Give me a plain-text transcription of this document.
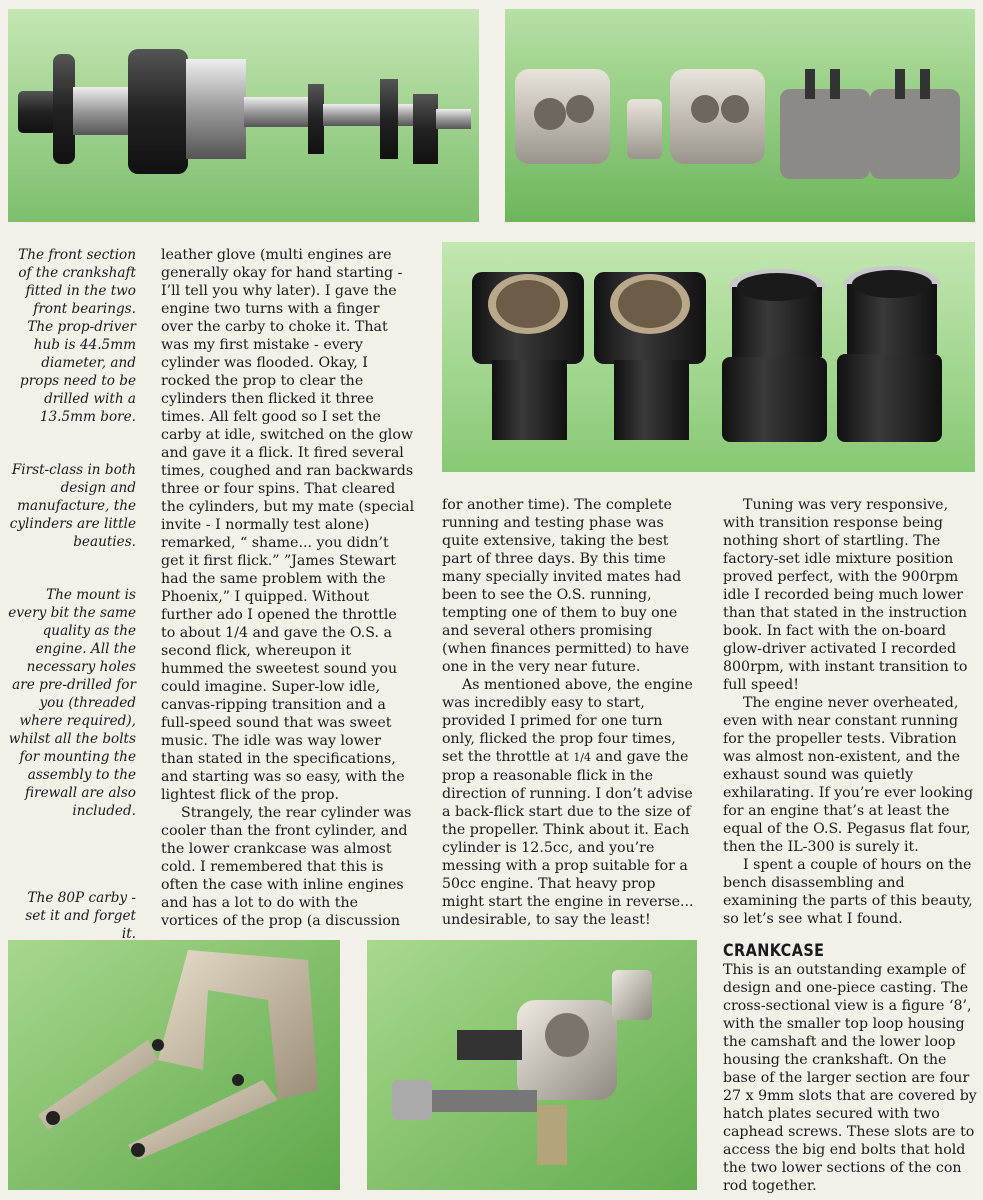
The front section of the crankshaft fitted in the two front bearings. The prop-driver hub is 44.5mm diameter, and props need to be drilled with a 13.5mm bore.
First-class in both design and manufacture, the cylinders are little beauties.
The mount is every bit the same quality as the engine. All the necessary holes are pre-drilled for you (threaded where required), whilst all the bolts for mounting the assembly to the firewall are also included.
The 80P carby - set it and forget it.

leather glove (multi engines are generally okay for hand starting - I’ll tell you why later). I gave the engine two turns with a finger over the carby to choke it. That was my first mistake - every cylinder was flooded. Okay, I rocked the prop to clear the cylinders then flicked it three times. All felt good so I set the carby at idle, switched on the glow and gave it a flick. It fired several times, coughed and ran backwards three or four spins. That cleared the cylinders, but my mate (special invite - I normally test alone) remarked, “ shame... you didn’t get it first flick.” ”James Stewart had the same problem with the Phoenix,” I quipped. Without further ado I opened the throttle to about 1/4 and gave the O.S. a second flick, whereupon it hummed the sweetest sound you could imagine. Super-low idle, canvas-ripping transition and a full-speed sound that was sweet music. The idle was way lower than stated in the specifications, and starting was so easy, with the lightest flick of the prop.

Strangely, the rear cylinder was cooler than the front cylinder, and the lower crankcase was almost cold. I remembered that this is often the case with inline engines and has a lot to do with the vortices of the prop (a discussion

for another time). The complete running and testing phase was quite extensive, taking the best part of three days. By this time many specially invited mates had been to see the O.S. running, tempting one of them to buy one and several others promising (when finances permitted) to have one in the very near future.

As mentioned above, the engine was incredibly easy to start, provided I primed for one turn only, flicked the prop four times, set the throttle at 1/4 and gave the prop a reasonable flick in the direction of running. I don’t advise a back-flick start due to the size of the propeller. Think about it. Each cylinder is 12.5cc, and you’re messing with a prop suitable for a 50cc engine. That heavy prop might start the engine in reverse... undesirable, to say the least!

Tuning was very responsive, with transition response being nothing short of startling. The factory-set idle mixture position proved perfect, with the 900rpm idle I recorded being much lower than that stated in the instruction book. In fact with the on-board glow-driver activated I recorded 800rpm, with instant transition to full speed!

The engine never overheated, even with near constant running for the propeller tests. Vibration was almost non-existent, and the exhaust sound was quietly exhilarating. If you’re ever looking for an engine that’s at least the equal of the O.S. Pegasus flat four, then the IL-300 is surely it.

I spent a couple of hours on the bench disassembling and examining the parts of this beauty, so let’s see what I found.

CRANKCASE

This is an outstanding example of design and one-piece casting. The cross-sectional view is a figure ‘8’, with the smaller top loop housing the camshaft and the lower loop housing the crankshaft. On the base of the larger section are four 27 x 9mm slots that are covered by hatch plates secured with two caphead screws. These slots are to access the big end bolts that hold the two lower sections of the con rod together.
